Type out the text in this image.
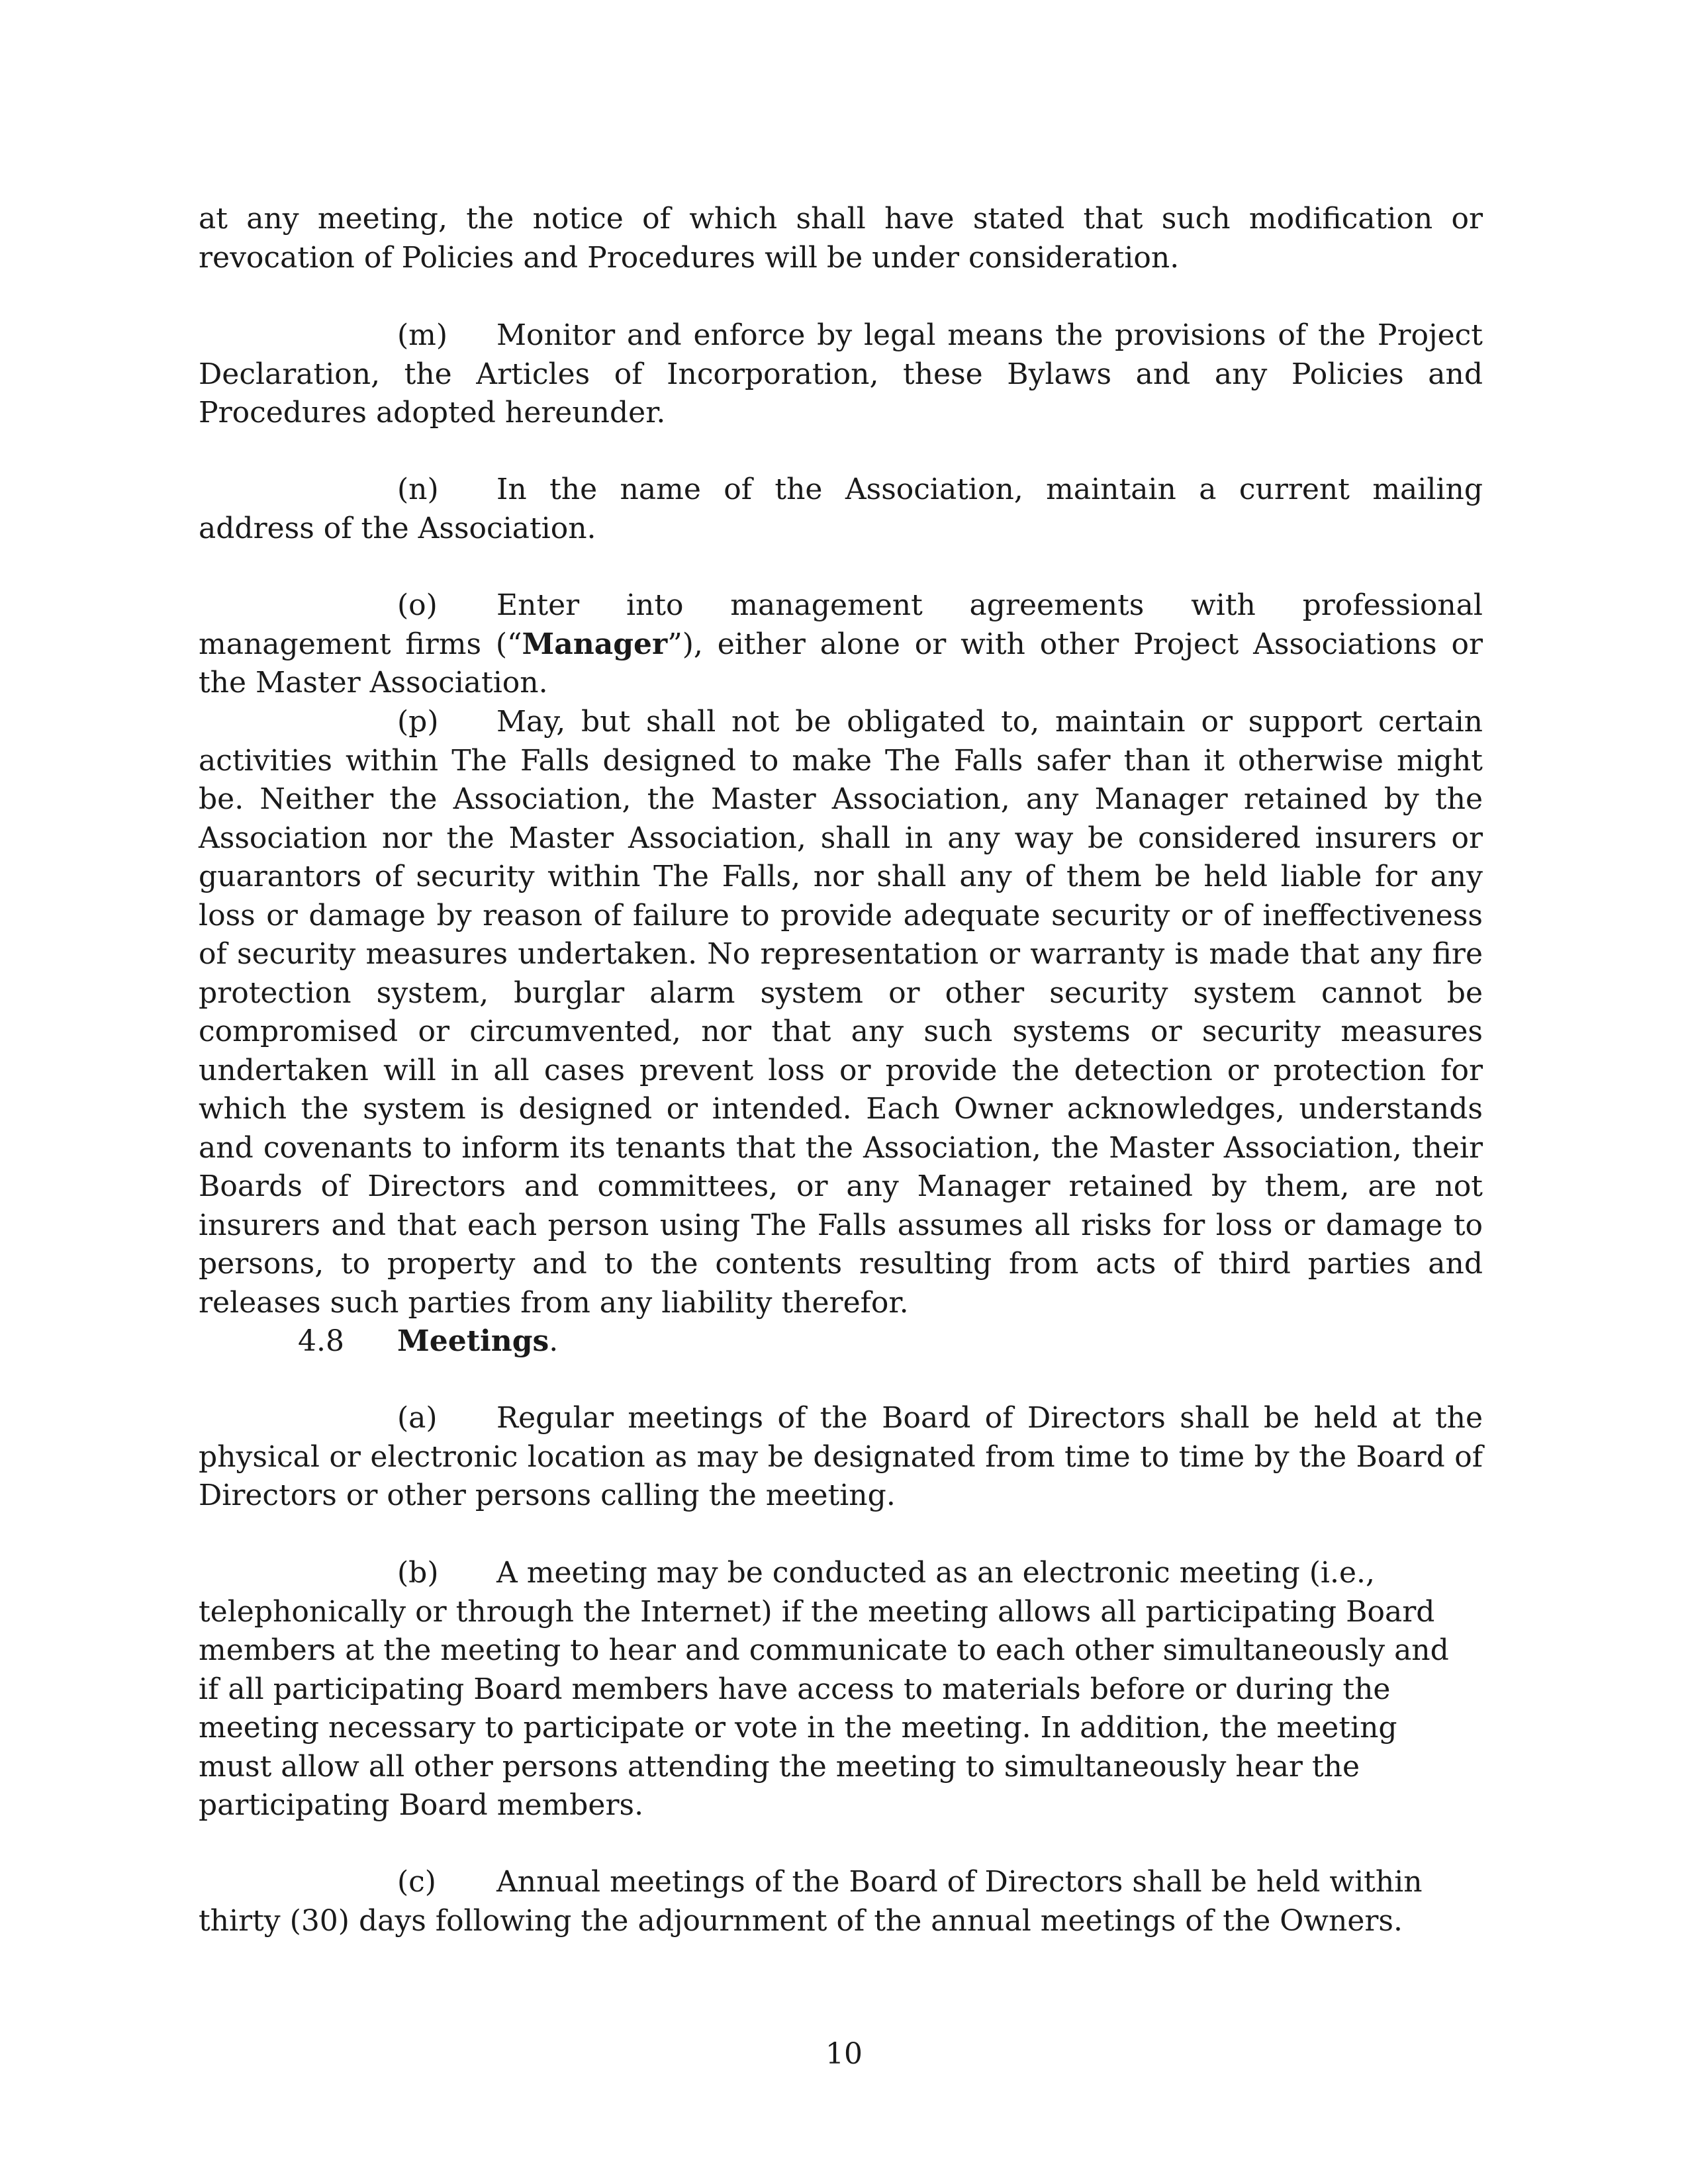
at any meeting, the notice of which shall have stated that such modification or revocation of Policies and Procedures will be under consideration.

(m) Monitor and enforce by legal means the provisions of the Project Declaration, the Articles of Incorporation, these Bylaws and any Policies and Procedures adopted hereunder.

(n) In the name of the Association, maintain a current mailing address of the Association.

(o) Enter into management agreements with professional management firms (“Manager”), either alone or with other Project Associations or the Master Association.

(p) May, but shall not be obligated to, maintain or support certain activities within The Falls designed to make The Falls safer than it otherwise might be. Neither the Association, the Master Association, any Manager retained by the Association nor the Master Association, shall in any way be considered insurers or guarantors of security within The Falls, nor shall any of them be held liable for any loss or damage by reason of failure to provide adequate security or of ineffectiveness of security measures undertaken. No representation or warranty is made that any fire protection system, burglar alarm system or other security system cannot be compromised or circumvented, nor that any such systems or security measures undertaken will in all cases prevent loss or provide the detection or protection for which the system is designed or intended. Each Owner acknowledges, understands and covenants to inform its tenants that the Association, the Master Association, their Boards of Directors and committees, or any Manager retained by them, are not insurers and that each person using The Falls assumes all risks for loss or damage to persons, to property and to the contents resulting from acts of third parties and releases such parties from any liability therefor.

4.8 Meetings.

(a) Regular meetings of the Board of Directors shall be held at the physical or electronic location as may be designated from time to time by the Board of Directors or other persons calling the meeting.

(b) A meeting may be conducted as an electronic meeting (i.e., telephonically or through the Internet) if the meeting allows all participating Board members at the meeting to hear and communicate to each other simultaneously and if all participating Board members have access to materials before or during the meeting necessary to participate or vote in the meeting. In addition, the meeting must allow all other persons attending the meeting to simultaneously hear the participating Board members.

(c) Annual meetings of the Board of Directors shall be held within thirty (30) days following the adjournment of the annual meetings of the Owners.

10
